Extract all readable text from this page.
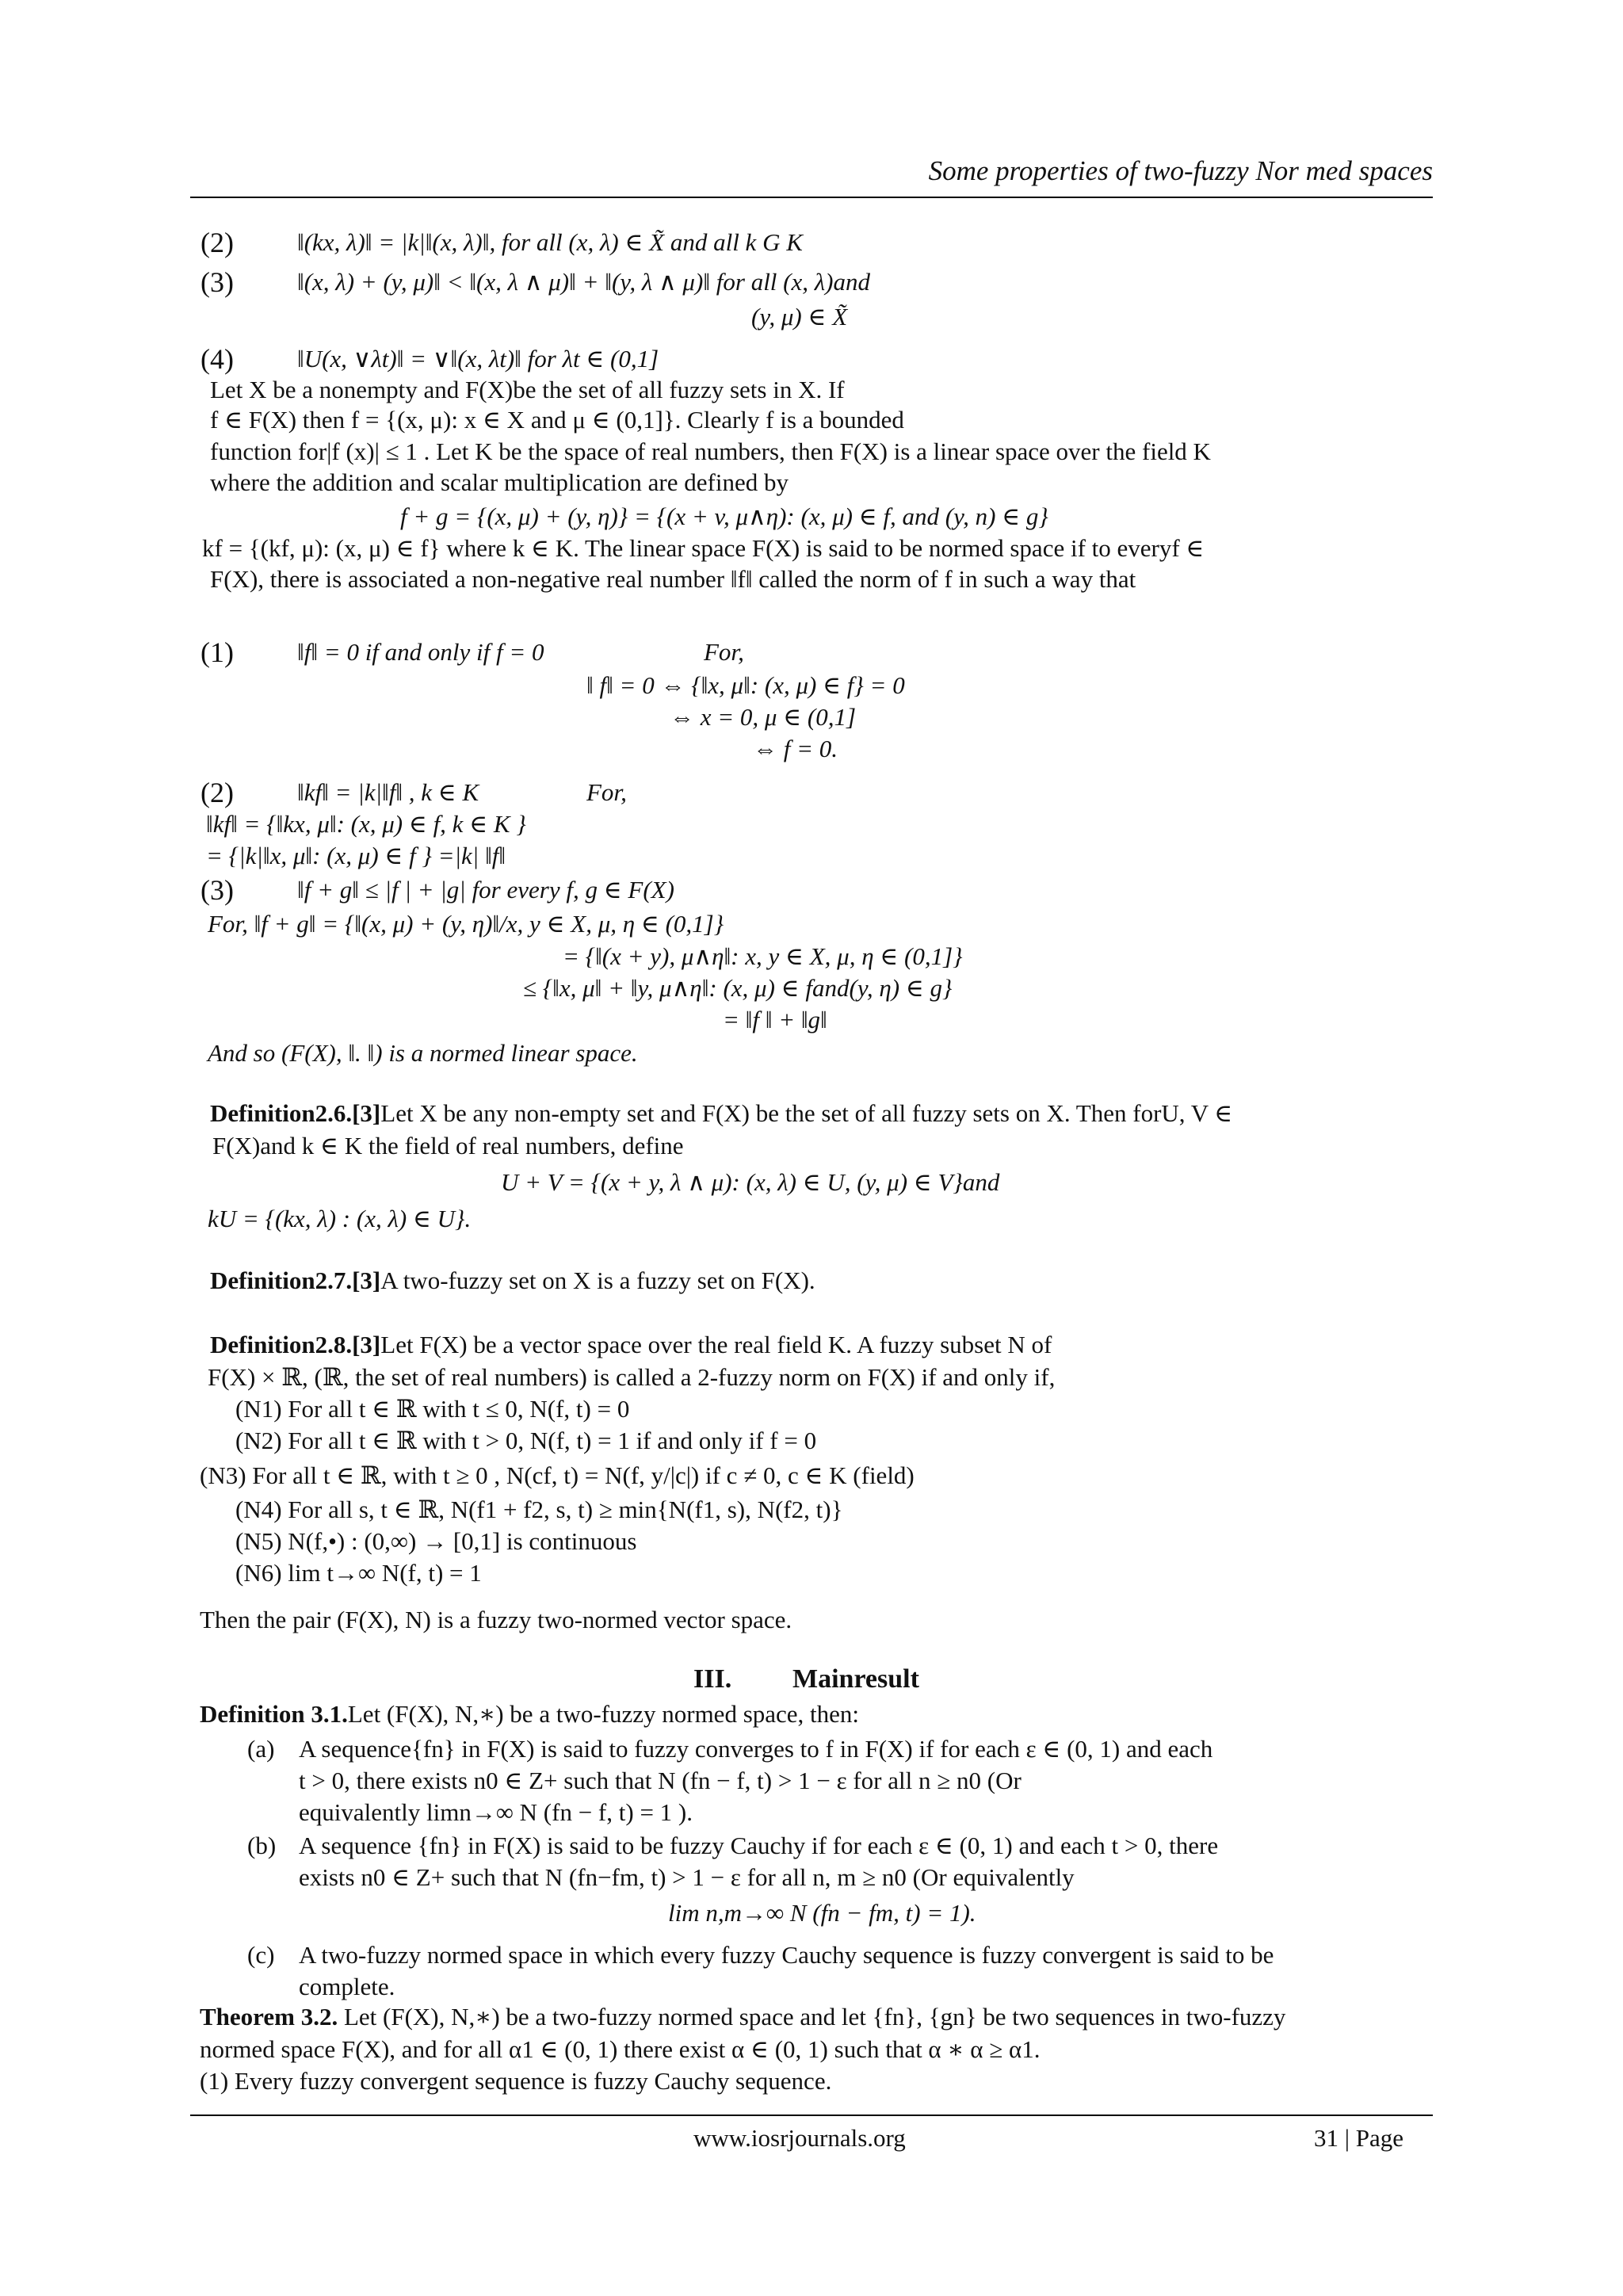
Some properties of two-fuzzy Nor med spaces
(2)	‖(kx, λ)‖ = |k|‖(x, λ)‖, for all (x, λ) ∈ X̃ and all k G K
(3)	‖(x, λ) + (y, μ)‖ < ‖(x, λ ∧ μ)‖ + ‖(y, λ ∧ μ)‖ for all (x, λ)and
(y, μ) ∈ X̃
(4)	‖U(x, ∨λt)‖ = ∨‖(x, λt)‖ for λt ∈ (0,1]
Let X be a nonempty and F(X)be the set of all fuzzy sets in X. If
f ∈ F(X) then f = {(x, μ): x ∈ X and μ ∈ (0,1]}. Clearly f is a bounded
function for|f (x)| ≤ 1 . Let K be the space of real numbers, then F(X) is a linear space over the field K
where the addition and scalar multiplication are defined by
f + g = {(x, μ) + (y, η)} = {(x + v, μ∧η): (x, μ) ∈ f, and (y, n) ∈ g}
kf = {(kf, μ): (x, μ) ∈ f} where k ∈ K. The linear space F(X) is said to be normed space if to everyf ∈
F(X), there is associated a non-negative real number ‖f‖ called the norm of f in such a way that
(1)	‖f‖ = 0 if and only if f = 0	For,
‖ f‖ = 0 ⇔ {‖x, μ‖: (x, μ) ∈ f} = 0
⇔ x = 0, μ ∈ (0,1]
⇔ f = 0.
(2)	‖kf‖ = |k|‖f‖ , k ∈ K	For,
‖kf‖ = {‖kx, μ‖: (x, μ) ∈ f, k ∈ K }
= {|k|‖x, μ‖: (x, μ) ∈ f } =|k| ‖f‖
(3)	‖f + g‖ ≤ |f | + |g| for every f, g ∈ F(X)
For, ‖f + g‖ = {‖(x, μ) + (y, η)‖/x, y ∈ X, μ, η ∈ (0,1]}
= {‖(x + y), μ∧η‖: x, y ∈ X, μ, η ∈ (0,1]}
≤ {‖x, μ‖ + ‖y, μ∧η‖: (x, μ) ∈ fand(y, η) ∈ g}
= ‖f ‖ + ‖g‖
And so (F(X), ‖. ‖) is a normed linear space.
Definition2.6.[3]Let X be any non-empty set and F(X) be the set of all fuzzy sets on X. Then forU, V ∈
F(X)and k ∈ K the field of real numbers, define
U + V = {(x + y, λ ∧ μ): (x, λ) ∈ U, (y, μ) ∈ V}and
kU = {(kx, λ) : (x, λ) ∈ U}.
Definition2.7.[3]A two-fuzzy set on X is a fuzzy set on F(X).
Definition2.8.[3]Let F(X) be a vector space over the real field K. A fuzzy subset N of
F(X) × ℝ, (ℝ, the set of real numbers) is called a 2-fuzzy norm on F(X) if and only if,
(N1) For all t ∈ ℝ with t ≤ 0, N(f, t) = 0
(N2) For all t ∈ ℝ with t > 0, N(f, t) = 1 if and only if f = 0
(N3) For all t ∈ ℝ, with t ≥ 0 , N(cf, t) = N(f, y/|c|) if c ≠ 0, c ∈ K (field)
(N4) For all s, t ∈ ℝ, N(f1 + f2, s, t) ≥ min{N(f1, s), N(f2, t)}
(N5) N(f,•) : (0,∞) → [0,1] is continuous
(N6) lim t→∞ N(f, t) = 1
Then the pair (F(X), N) is a fuzzy two-normed vector space.
III. Mainresult
Definition 3.1.Let (F(X), N,∗) be a two-fuzzy normed space, then:
(a) A sequence{fn} in F(X) is said to fuzzy converges to f in F(X) if for each ε ∈ (0, 1) and each
t > 0, there exists n0 ∈ Z+ such that N (fn − f, t) > 1 − ε for all n ≥ n0 (Or
equivalently limn→∞ N (fn − f, t) = 1 ).
(b) A sequence {fn} in F(X) is said to be fuzzy Cauchy if for each ε ∈ (0, 1) and each t > 0, there
exists n0 ∈ Z+ such that N (fn−fm, t) > 1 − ε for all n, m ≥ n0 (Or equivalently
lim n,m→∞ N (fn − fm, t) = 1).
(c) A two-fuzzy normed space in which every fuzzy Cauchy sequence is fuzzy convergent is said to be
complete.
Theorem 3.2. Let (F(X), N,∗) be a two-fuzzy normed space and let {fn}, {gn} be two sequences in two-fuzzy
normed space F(X), and for all α1 ∈ (0, 1) there exist α ∈ (0, 1) such that α ∗ α ≥ α1.
(1) Every fuzzy convergent sequence is fuzzy Cauchy sequence.
www.iosrjournals.org	31 | Page
